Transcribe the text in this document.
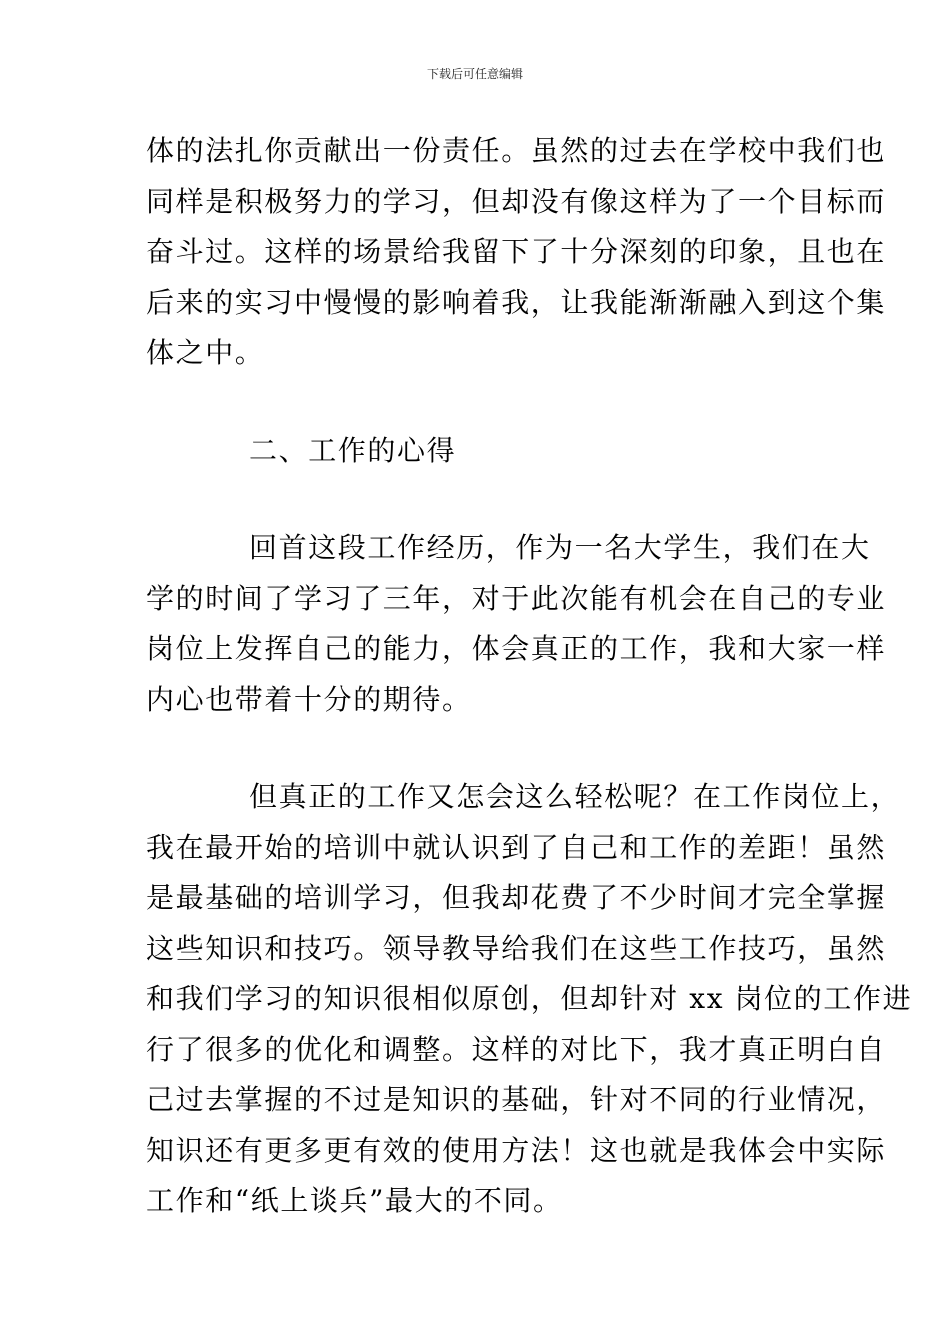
下载后可任意编辑
体的法扎你贡献出一份责任。虽然的过去在学校中我们也
同样是积极努力的学习，但却没有像这样为了一个目标而
奋斗过。这样的场景给我留下了十分深刻的印象，且也在
后来的实习中慢慢的影响着我，让我能渐渐融入到这个集
体之中。
二、工作的心得
回首这段工作经历，作为一名大学生，我们在大
学的时间了学习了三年，对于此次能有机会在自己的专业
岗位上发挥自己的能力，体会真正的工作，我和大家一样
内心也带着十分的期待。
但真正的工作又怎会这么轻松呢？在工作岗位上，
我在最开始的培训中就认识到了自己和工作的差距！虽然
是最基础的培训学习，但我却花费了不少时间才完全掌握
这些知识和技巧。领导教导给我们在这些工作技巧，虽然
和我们学习的知识很相似原创，但却针对 xx 岗位的工作进
行了很多的优化和调整。这样的对比下，我才真正明白自
己过去掌握的不过是知识的基础，针对不同的行业情况，
知识还有更多更有效的使用方法！这也就是我体会中实际
工作和“纸上谈兵”最大的不同。
